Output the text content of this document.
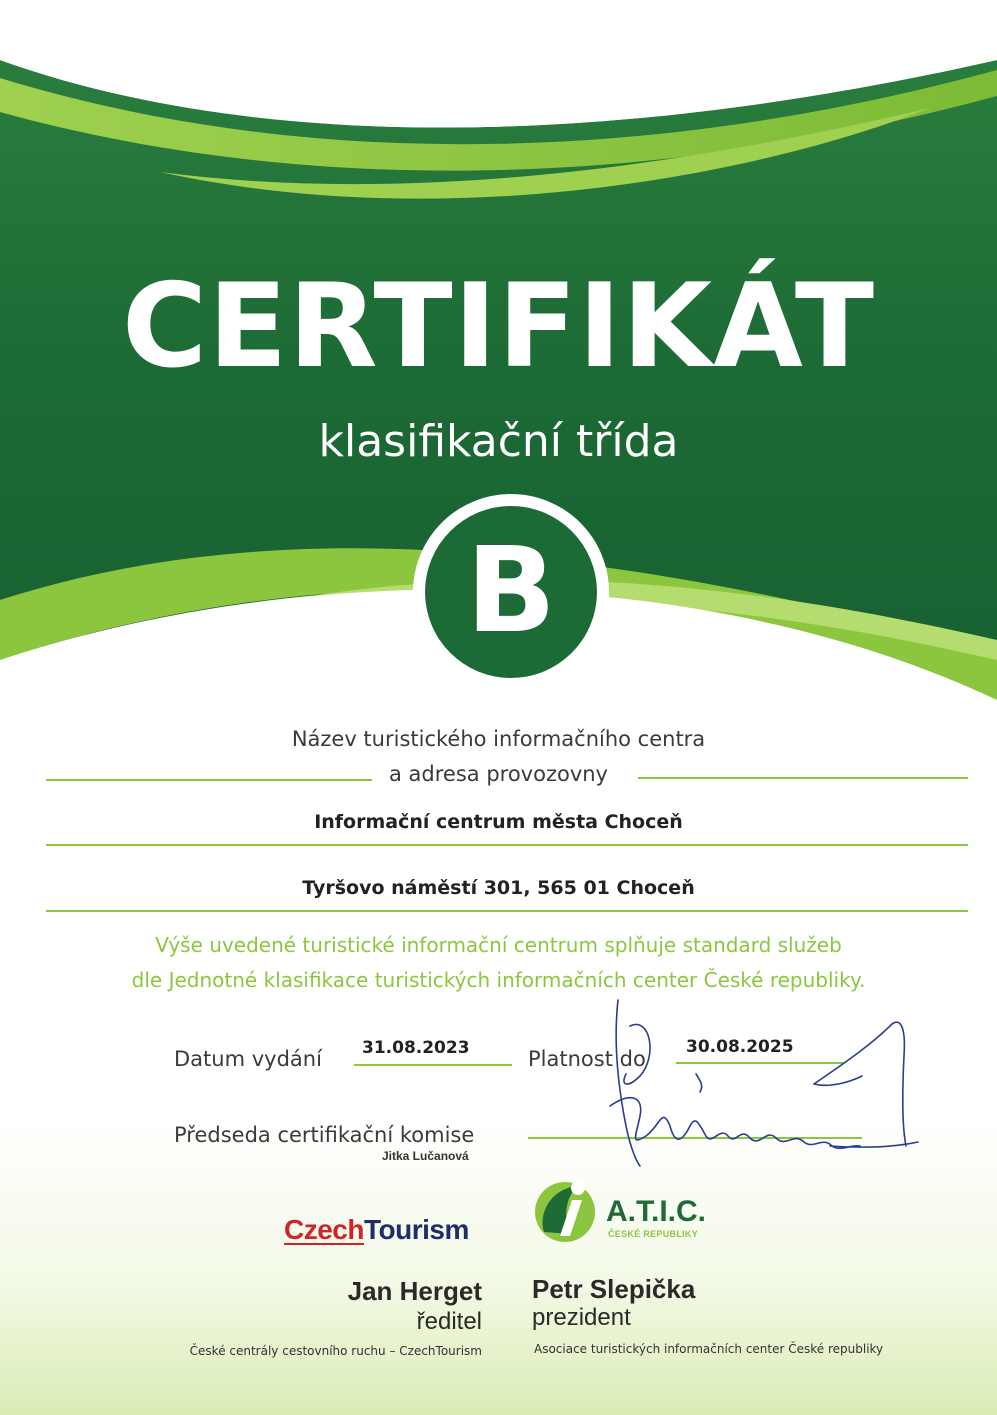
Jednotná klasifikace
turistických informačních
center České republiky
CERTIFIKÁT
klasifikační třída
B
Název turistického informačního centra
a adresa provozovny
Informační centrum města Choceň
Tyršovo náměstí 301, 565 01 Choceň
Výše uvedené turistické informační centrum splňuje standard služeb
dle Jednotné klasifikace turistických informačních center České republiky.
Datum vydání 31.08.2023	Platnost do 30.08.2025
Předseda certifikační komise
Jitka Lučanová
CzechTourism
A.T.I.C.
ČESKÉ REPUBLIKY
Jan Herget
ředitel
České centrály cestovního ruchu – CzechTourism
Petr Slepička
prezident
Asociace turistických informačních center České republiky
